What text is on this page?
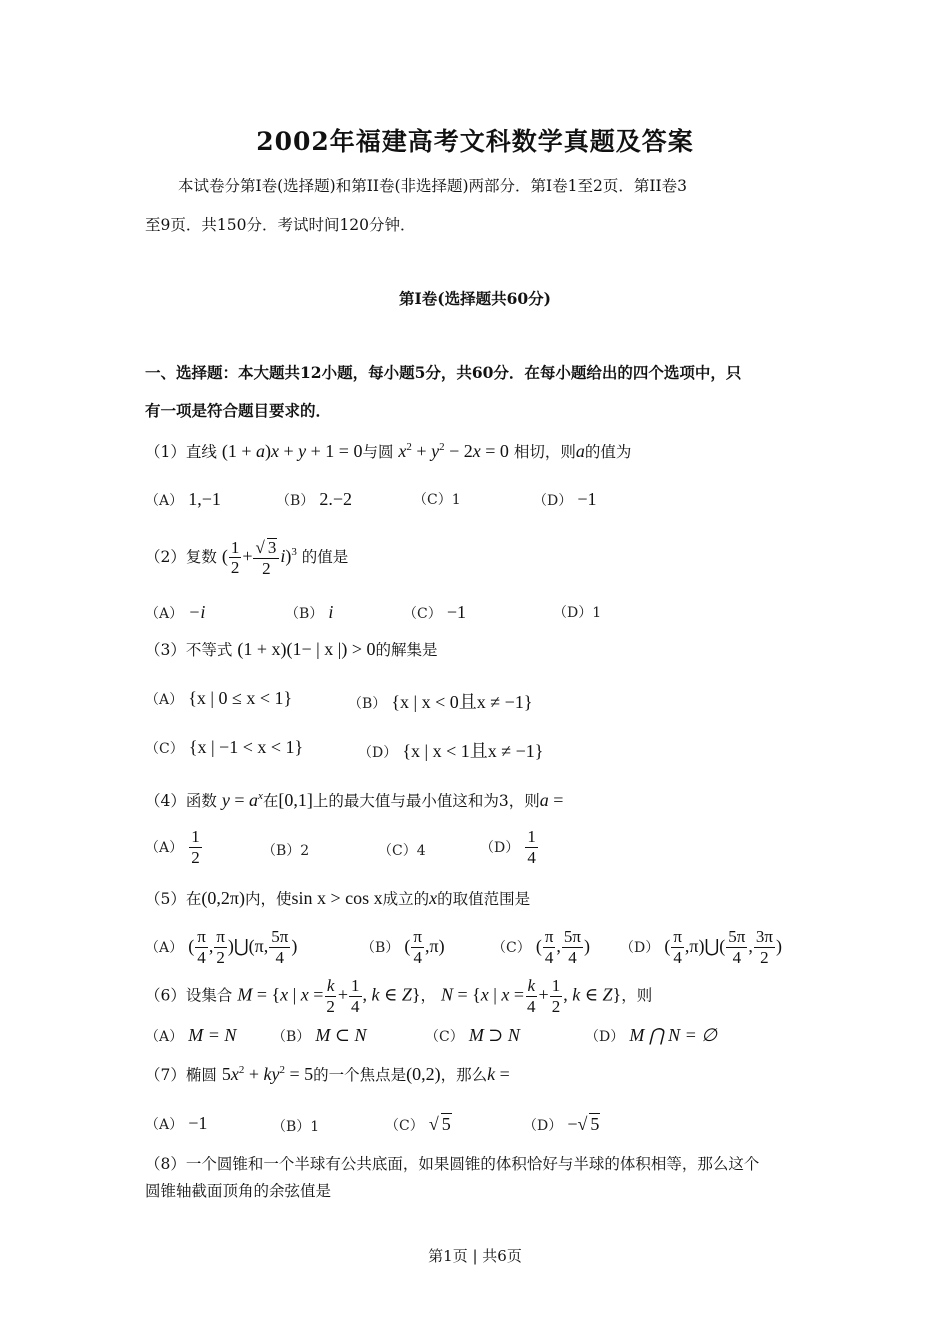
2002年福建高考文科数学真题及答案
本试卷分第Ⅰ卷(选择题)和第II卷(非选择题)两部分．第Ⅰ卷1至2页．第II卷3
至9页．共150分．考试时间120分钟．
第Ⅰ卷(选择题共60分)
一、选择题：本大题共12小题，每小题5分，共60分．在每小题给出的四个选项中，只
有一项是符合题目要求的．
（1）直线 (1 + a)x + y + 1 = 0与圆 $x^2 + y^2 - 2x = 0$ 相切，则a的值为
（A） 1,−1	（B） 2.−2	（C）1	（D） −1
（2）复数 ( $\frac{1}{2} + \frac{√ 3}{2} i)^3$ 的值是
（A） −i	（B） i	（C） −1	（D）1
（3）不等式 (1 + x)(1− | x |) > 0的解集是
（A） {x | 0 ≤ x < 1}	（B） {x | x < 0且x ≠ −1}
（C） {x | −1 < x < 1}	（D） {x | x < 1且x ≠ −1}
（4）函数 $y = a^x$在[0,1]上的最大值与最小值这和为3，则a =
$(A) \frac{1}{2}$	（B）2	（C）4	$(D) \frac{1}{4}$
（5）在(0,2π)内，使sin x > cos x成立的x的取值范围是
（A） ( $\frac{\pi}{4}$ , $\frac{\pi}{2}$ )⋃(π, $\frac{5\pi}{4}$ )	（B） ( $\frac{\pi}{4} ,\pi$)	（C） ( $\frac{\pi}{4}$ , $\frac{5\pi}{4}$ ) （D） ( $\frac{\pi}{4}$ ,π)⋃( $\frac{5\pi}{4}$ , $\frac{3\pi}{2}$ )
（6）设集合 M = {x | $x = \frac{k}{2} + \frac{1}{4}$ , k ∈ Z}， N = {x | $x = \frac{k}{4} + \frac{1}{2}$ , k ∈ Z}，则
（A） M = N	（B） M ⊂ N	（C） M ⊃ N	（D） M ⋂ N = ∅
（7）椭圆 $5x^2 + ky^2 = 5$的一个焦点是(0,2)，那么k =
（A） −1	（B）1	（C） √ 5	（D） −√ 5
（8）一个圆锥和一个半球有公共底面，如果圆锥的体积恰好与半球的体积相等，那么这个
圆锥轴截面顶角的余弦值是
第1页 | 共6页
